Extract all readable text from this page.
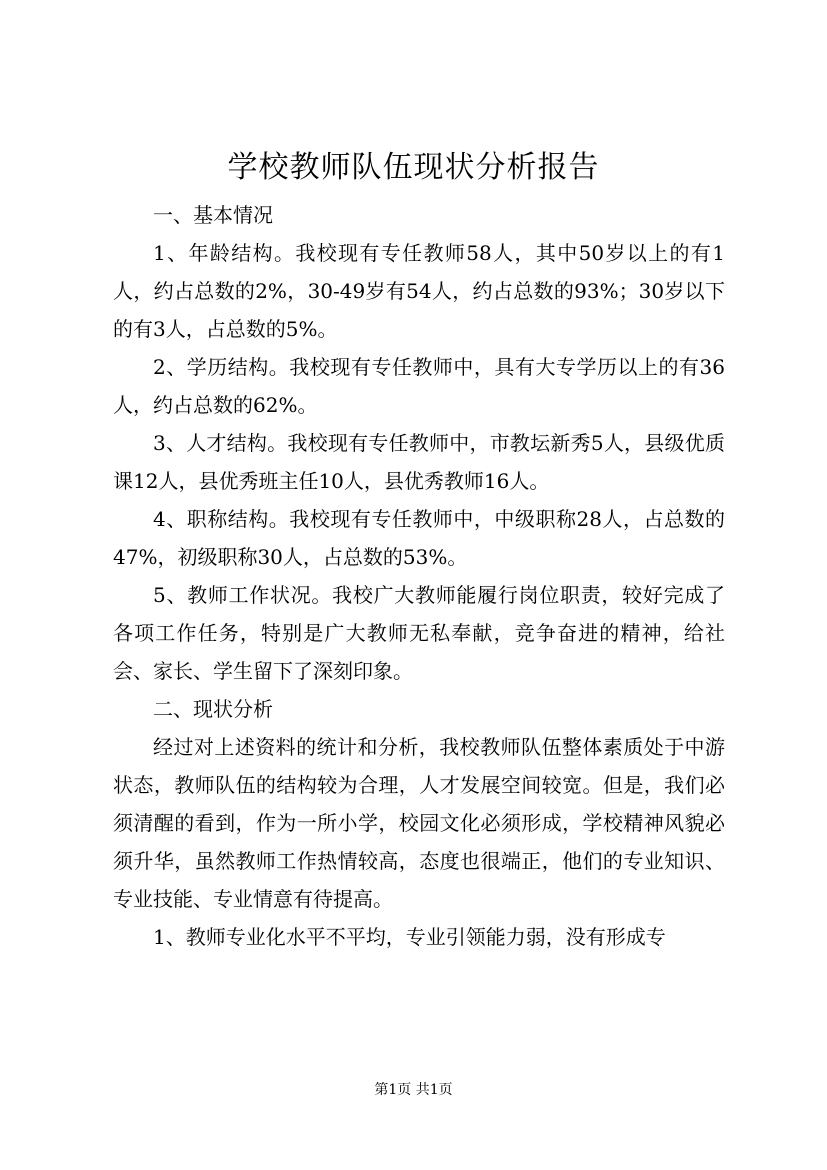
学校教师队伍现状分析报告

一、基本情况

1、年龄结构。我校现有专任教师58人，其中50岁以上的有1人，约占总数的2%，30-49岁有54人，约占总数的93%；30岁以下的有3人，占总数的5%。

2、学历结构。我校现有专任教师中，具有大专学历以上的有36人，约占总数的62%。

3、人才结构。我校现有专任教师中，市教坛新秀5人，县级优质课12人，县优秀班主任10人，县优秀教师16人。

4、职称结构。我校现有专任教师中，中级职称28人，占总数的47%，初级职称30人，占总数的53%。

5、教师工作状况。我校广大教师能履行岗位职责，较好完成了各项工作任务，特别是广大教师无私奉献，竞争奋进的精神，给社会、家长、学生留下了深刻印象。

二、现状分析

经过对上述资料的统计和分析，我校教师队伍整体素质处于中游状态，教师队伍的结构较为合理，人才发展空间较宽。但是，我们必须清醒的看到，作为一所小学，校园文化必须形成，学校精神风貌必须升华，虽然教师工作热情较高，态度也很端正，他们的专业知识、专业技能、专业情意有待提高。

1、教师专业化水平不平均，专业引领能力弱，没有形成专

第1页 共1页
